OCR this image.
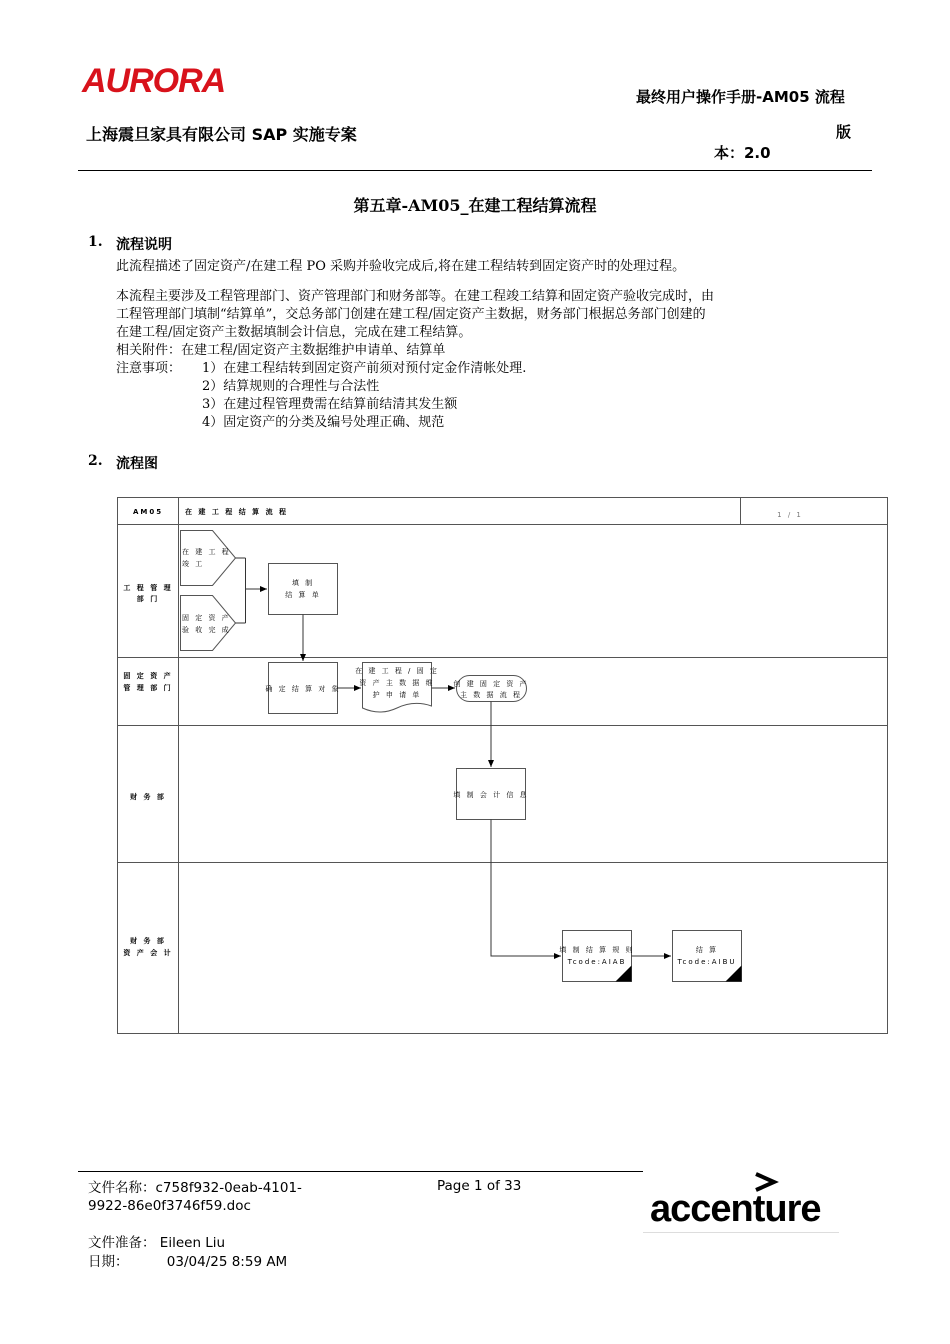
AURORA	最终用户操作手册-AM05 流程
上海震旦家具有限公司 SAP 实施专案	版
本：2.0
第五章-AM05_在建工程结算流程
1. 流程说明
此流程描述了固定资产/在建工程 PO 采购并验收完成后,将在建工程结转到固定资产时的处理过程。
本流程主要涉及工程管理部门、资产管理部门和财务部等。在建工程竣工结算和固定资产验收完成时，由
工程管理部门填制“结算单”，交总务部门创建在建工程/固定资产主数据，财务部门根据总务部门创建的
在建工程/固定资产主数据填制会计信息，完成在建工程结算。
相关附件：在建工程/固定资产主数据维护申请单、结算单
注意事项： 1）在建工程结转到固定资产前须对预付定金作清帐处理.
2）结算规则的合理性与合法性
3）在建过程管理费需在结算前结清其发生额
4）固定资产的分类及编号处理正确、规范
2. 流程图
AM05	在 建 工 程 结 算 流 程	1 / 1
工 程 管 理
部 门
固 定 资 产
管 理 部 门
财 务 部
财 务 部
资 产 会 计
在 建 工 程
竣 工
固 定 资 产
验 收 完 成
填 制
结 算 单
确 定 结 算 对 象
在 建 工 程 / 固 定
资 产 主 数 据 维
护 申 请 单
创 建 固 定 资 产
主 数 据 流 程
填 制 会 计 信 息
填 制 结 算 规 则
Tcode:AIAB
结 算
Tcode:AIBU
文件名称：c758f932-0eab-4101-
9922-86e0f3746f59.doc
Page 1 of 33
文件准备： Eileen Liu
日期：	03/04/25 8:59 AM
accenture
